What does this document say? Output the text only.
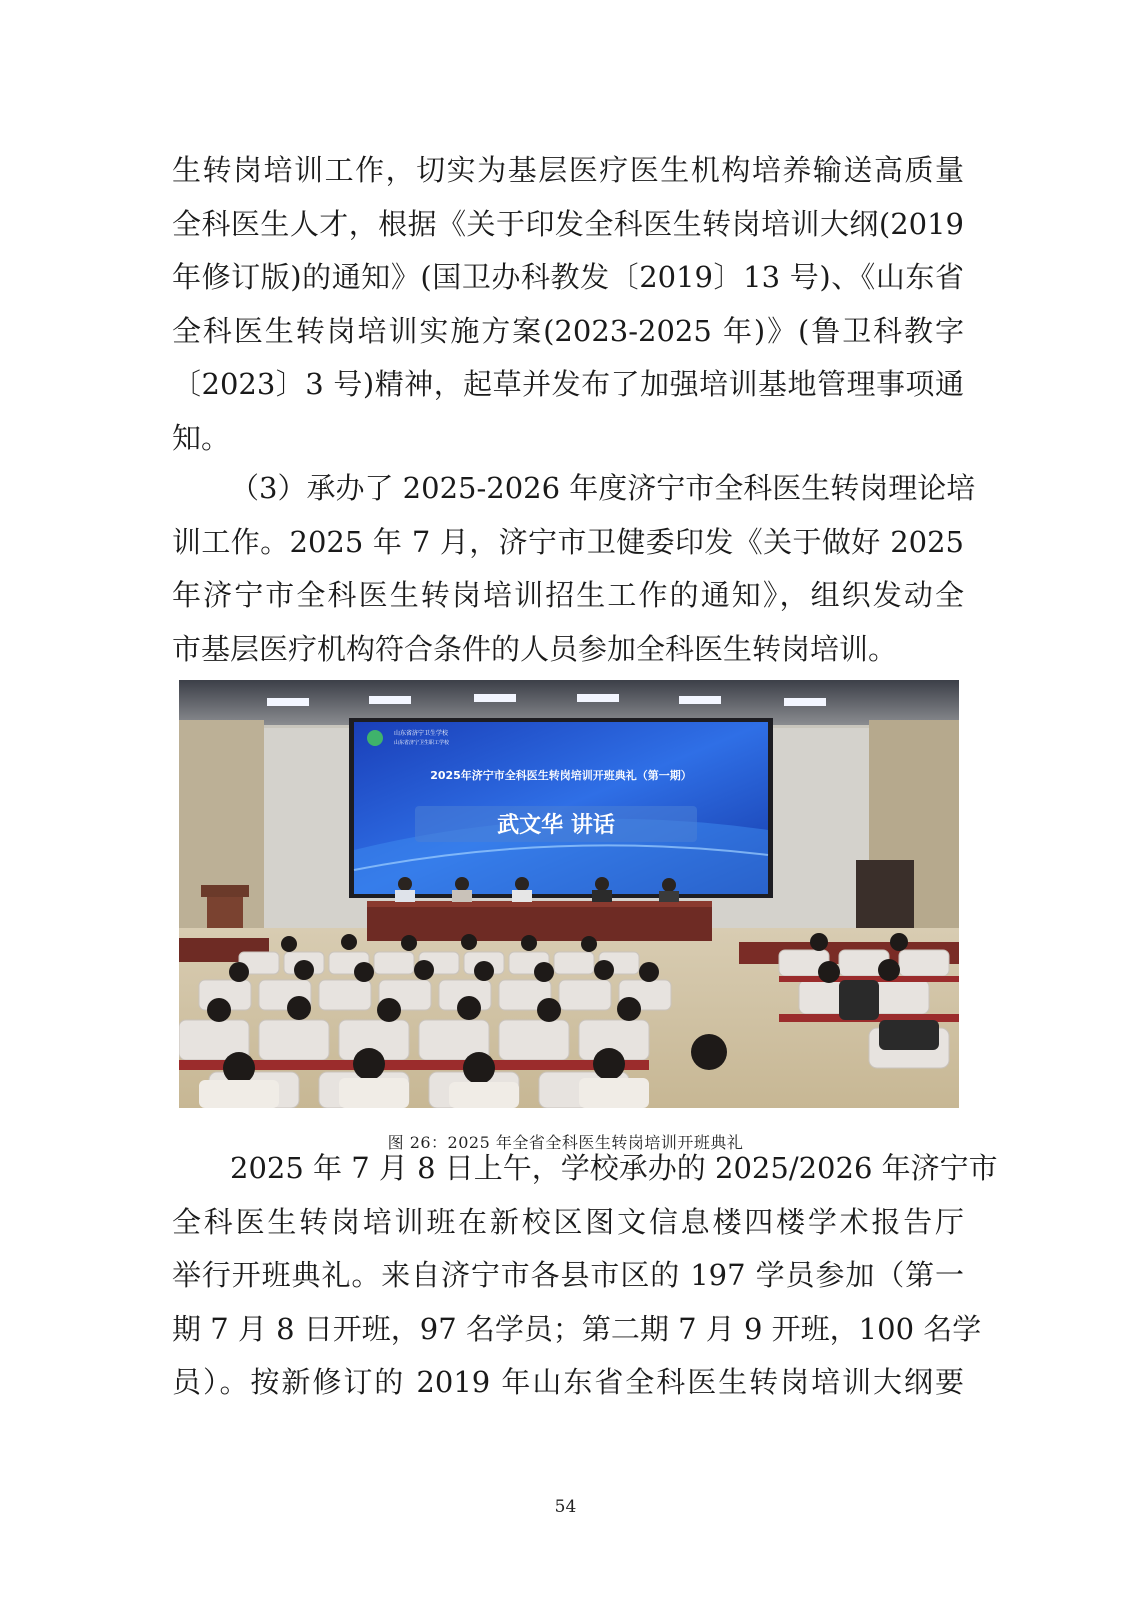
生转岗培训工作，切实为基层医疗医生机构培养输送高质量
全科医生人才，根据《关于印发全科医生转岗培训大纲(2019
年修订版)的通知》(国卫办科教发〔2019〕13 号)、《山东省
全科医生转岗培训实施方案(2023-2025 年)》(鲁卫科教字
〔2023〕3 号)精神，起草并发布了加强培训基地管理事项通
知。
（3）承办了 2025-2026 年度济宁市全科医生转岗理论培
训工作。2025 年 7 月，济宁市卫健委印发《关于做好 2025
年济宁市全科医生转岗培训招生工作的通知》，组织发动全
市基层医疗机构符合条件的人员参加全科医生转岗培训。
山东省济宁卫生学校
山东省济宁卫生职工学校
2025年济宁市全科医生转岗培训开班典礼（第一期）
武文华 讲话
图 26：2025 年全省全科医生转岗培训开班典礼
2025 年 7 月 8 日上午，学校承办的 2025/2026 年济宁市
全科医生转岗培训班在新校区图文信息楼四楼学术报告厅
举行开班典礼。来自济宁市各县市区的 197 学员参加（第一
期 7 月 8 日开班，97 名学员；第二期 7 月 9 开班，100 名学
员）。按新修订的 2019 年山东省全科医生转岗培训大纲要
54
